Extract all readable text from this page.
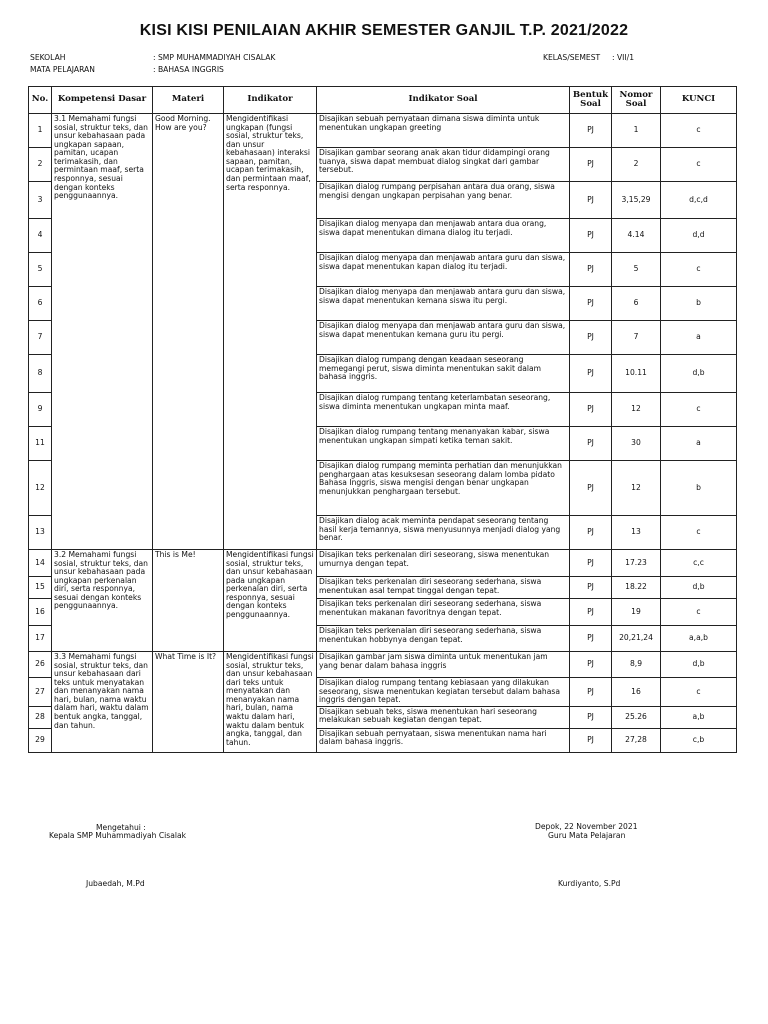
KISI KISI PENILAIAN AKHIR SEMESTER GANJIL T.P. 2021/2022
SEKOLAH	: SMP MUHAMMADIYAH CISALAK
MATA PELAJARAN	: BAHASA INGGRIS
KELAS/SEMEST : VII/1
No.	Kompetensi Dasar	Materi	Indikator	Indikator Soal	Bentuk Soal	Nomor Soal	KUNCI
1	3.1 Memahami fungsi sosial, struktur teks, dan unsur kebahasaan pada ungkapan sapaan, pamitan, ucapan terimakasih, dan permintaan maaf, serta responnya, sesuai dengan konteks penggunaannya.	Good Morning. How are you?	Mengidentifikasi ungkapan (fungsi sosial, struktur teks, dan unsur kebahasaan) interaksi sapaan, pamitan, ucapan terimakasih, dan permintaan maaf, serta responnya.	Disajikan sebuah pernyataan dimana siswa diminta untuk menentukan ungkapan greeting	PJ	1	c
2				Disajikan gambar seorang anak akan tidur didampingi orang tuanya, siswa dapat membuat dialog singkat dari gambar tersebut.	PJ	2	c
3				Disajikan dialog rumpang perpisahan antara dua orang, siswa mengisi dengan ungkapan perpisahan yang benar.	PJ	3,15,29	d,c,d
4				Disajikan dialog menyapa dan menjawab antara dua orang, siswa dapat menentukan dimana dialog itu terjadi.	PJ	4.14	d,d
5				Disajikan dialog menyapa dan menjawab antara guru dan siswa, siswa dapat menentukan kapan dialog itu terjadi.	PJ	5	c
6				Disajikan dialog menyapa dan menjawab antara guru dan siswa, siswa dapat menentukan kemana siswa itu pergi.	PJ	6	b
7				Disajikan dialog menyapa dan menjawab antara guru dan siswa, siswa dapat menentukan kemana guru itu pergi.	PJ	7	a
8				Disajikan dialog rumpang dengan keadaan seseorang memegangi perut, siswa diminta menentukan sakit dalam bahasa inggris.	PJ	10.11	d,b
9				Disajikan dialog rumpang tentang keterlambatan seseorang, siswa diminta menentukan ungkapan minta maaf.	PJ	12	c
11				Disajikan dialog rumpang tentang menanyakan kabar, siswa menentukan ungkapan simpati ketika teman sakit.	PJ	30	a
12				Disajikan dialog rumpang meminta perhatian dan menunjukkan penghargaan atas kesuksesan seseorang dalam lomba pidato Bahasa Inggris, siswa mengisi dengan benar ungkapan menunjukkan penghargaan tersebut.	PJ	12	b
13				Disajikan dialog acak meminta pendapat seseorang tentang hasil kerja temannya, siswa menyusunnya menjadi dialog yang benar.	PJ	13	c
14	3.2 Memahami fungsi sosial, struktur teks, dan unsur kebahasaan pada ungkapan perkenalan diri, serta responnya, sesuai dengan konteks penggunaannya.	This is Me!	Mengidentifikasi fungsi sosial, struktur teks, dan unsur kebahasaan pada ungkapan perkenalan diri, serta responnya, sesuai dengan konteks penggunaannya.	Disajikan teks perkenalan diri seseorang, siswa menentukan umurnya dengan tepat.	PJ	17.23	c,c
15				Disajikan teks perkenalan diri seseorang sederhana, siswa menentukan asal tempat tinggal dengan tepat.	PJ	18.22	d,b
16				Disajikan teks perkenalan diri seseorang sederhana, siswa menentukan makanan favoritnya dengan tepat.	PJ	19	c
17				Disajikan teks perkenalan diri seseorang sederhana, siswa menentukan hobbynya dengan tepat.	PJ	20,21,24	a,a,b
26	3.3 Memahami fungsi sosial, struktur teks, dan unsur kebahasaan dari teks untuk menyatakan dan menanyakan nama hari, bulan, nama waktu dalam hari, waktu dalam bentuk angka, tanggal, dan tahun.	What Time is It?	Mengidentifikasi fungsi sosial, struktur teks, dan unsur kebahasaan dari teks untuk menyatakan dan menanyakan nama hari, bulan, nama waktu dalam hari, waktu dalam bentuk angka, tanggal, dan tahun.	Disajikan gambar jam siswa diminta untuk menentukan jam yang benar dalam bahasa inggris	PJ	8,9	d,b
27				Disajikan dialog rumpang tentang kebiasaan yang dilakukan seseorang, siswa menentukan kegiatan tersebut dalam bahasa inggris dengan tepat.	PJ	16	c
28				Disajikan sebuah teks, siswa menentukan hari seseorang melakukan sebuah kegiatan dengan tepat.	PJ	25.26	a,b
29				Disajikan sebuah pernyataan, siswa menentukan nama hari dalam bahasa inggris.	PJ	27,28	c,b
Mengetahui :
Kepala SMP Muhammadiyah Cisalak
Jubaedah, M.Pd
Depok, 22 November 2021
Guru Mata Pelajaran
Kurdiyanto, S.Pd
